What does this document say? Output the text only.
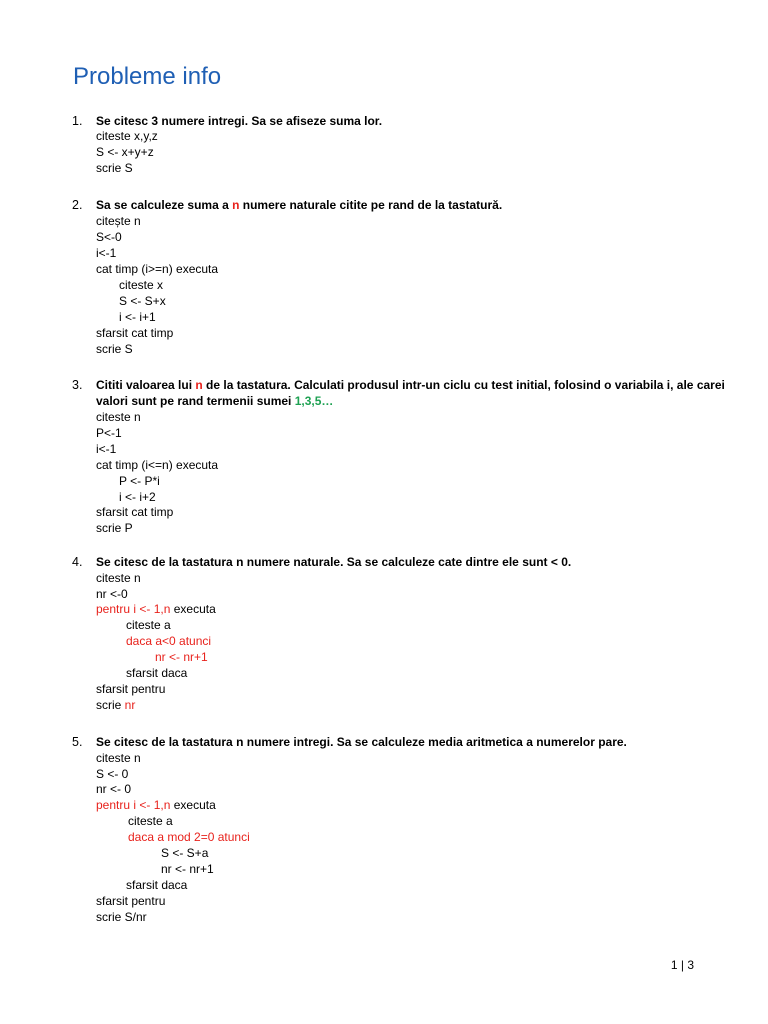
Probleme info
1. Se citesc 3 numere intregi. Sa se afiseze suma lor.
citeste x,y,z
S <- x+y+z
scrie S
2. Sa se calculeze suma a n numere naturale citite pe rand de la tastatură.
citește n
S<-0
i<-1
cat timp (i>=n) executa
citeste x
S <- S+x
i <- i+1
sfarsit cat timp
scrie S
3. Cititi valoarea lui n de la tastatura. Calculati produsul intr-un ciclu cu test initial, folosind o variabila i, ale carei
valori sunt pe rand termenii sumei 1,3,5…
citeste n
P<-1
i<-1
cat timp (i<=n) executa
P <- P*i
i <- i+2
sfarsit cat timp
scrie P
4. Se citesc de la tastatura n numere naturale. Sa se calculeze cate dintre ele sunt < 0.
citeste n
nr <-0
pentru i <- 1,n executa
citeste a
daca a<0 atunci
nr <- nr+1
sfarsit daca
sfarsit pentru
scrie nr
5. Se citesc de la tastatura n numere intregi. Sa se calculeze media aritmetica a numerelor pare.
citeste n
S <- 0
nr <- 0
pentru i <- 1,n executa
citeste a
daca a mod 2=0 atunci
S <- S+a
nr <- nr+1
sfarsit daca
sfarsit pentru
scrie S/nr
1 | 3
